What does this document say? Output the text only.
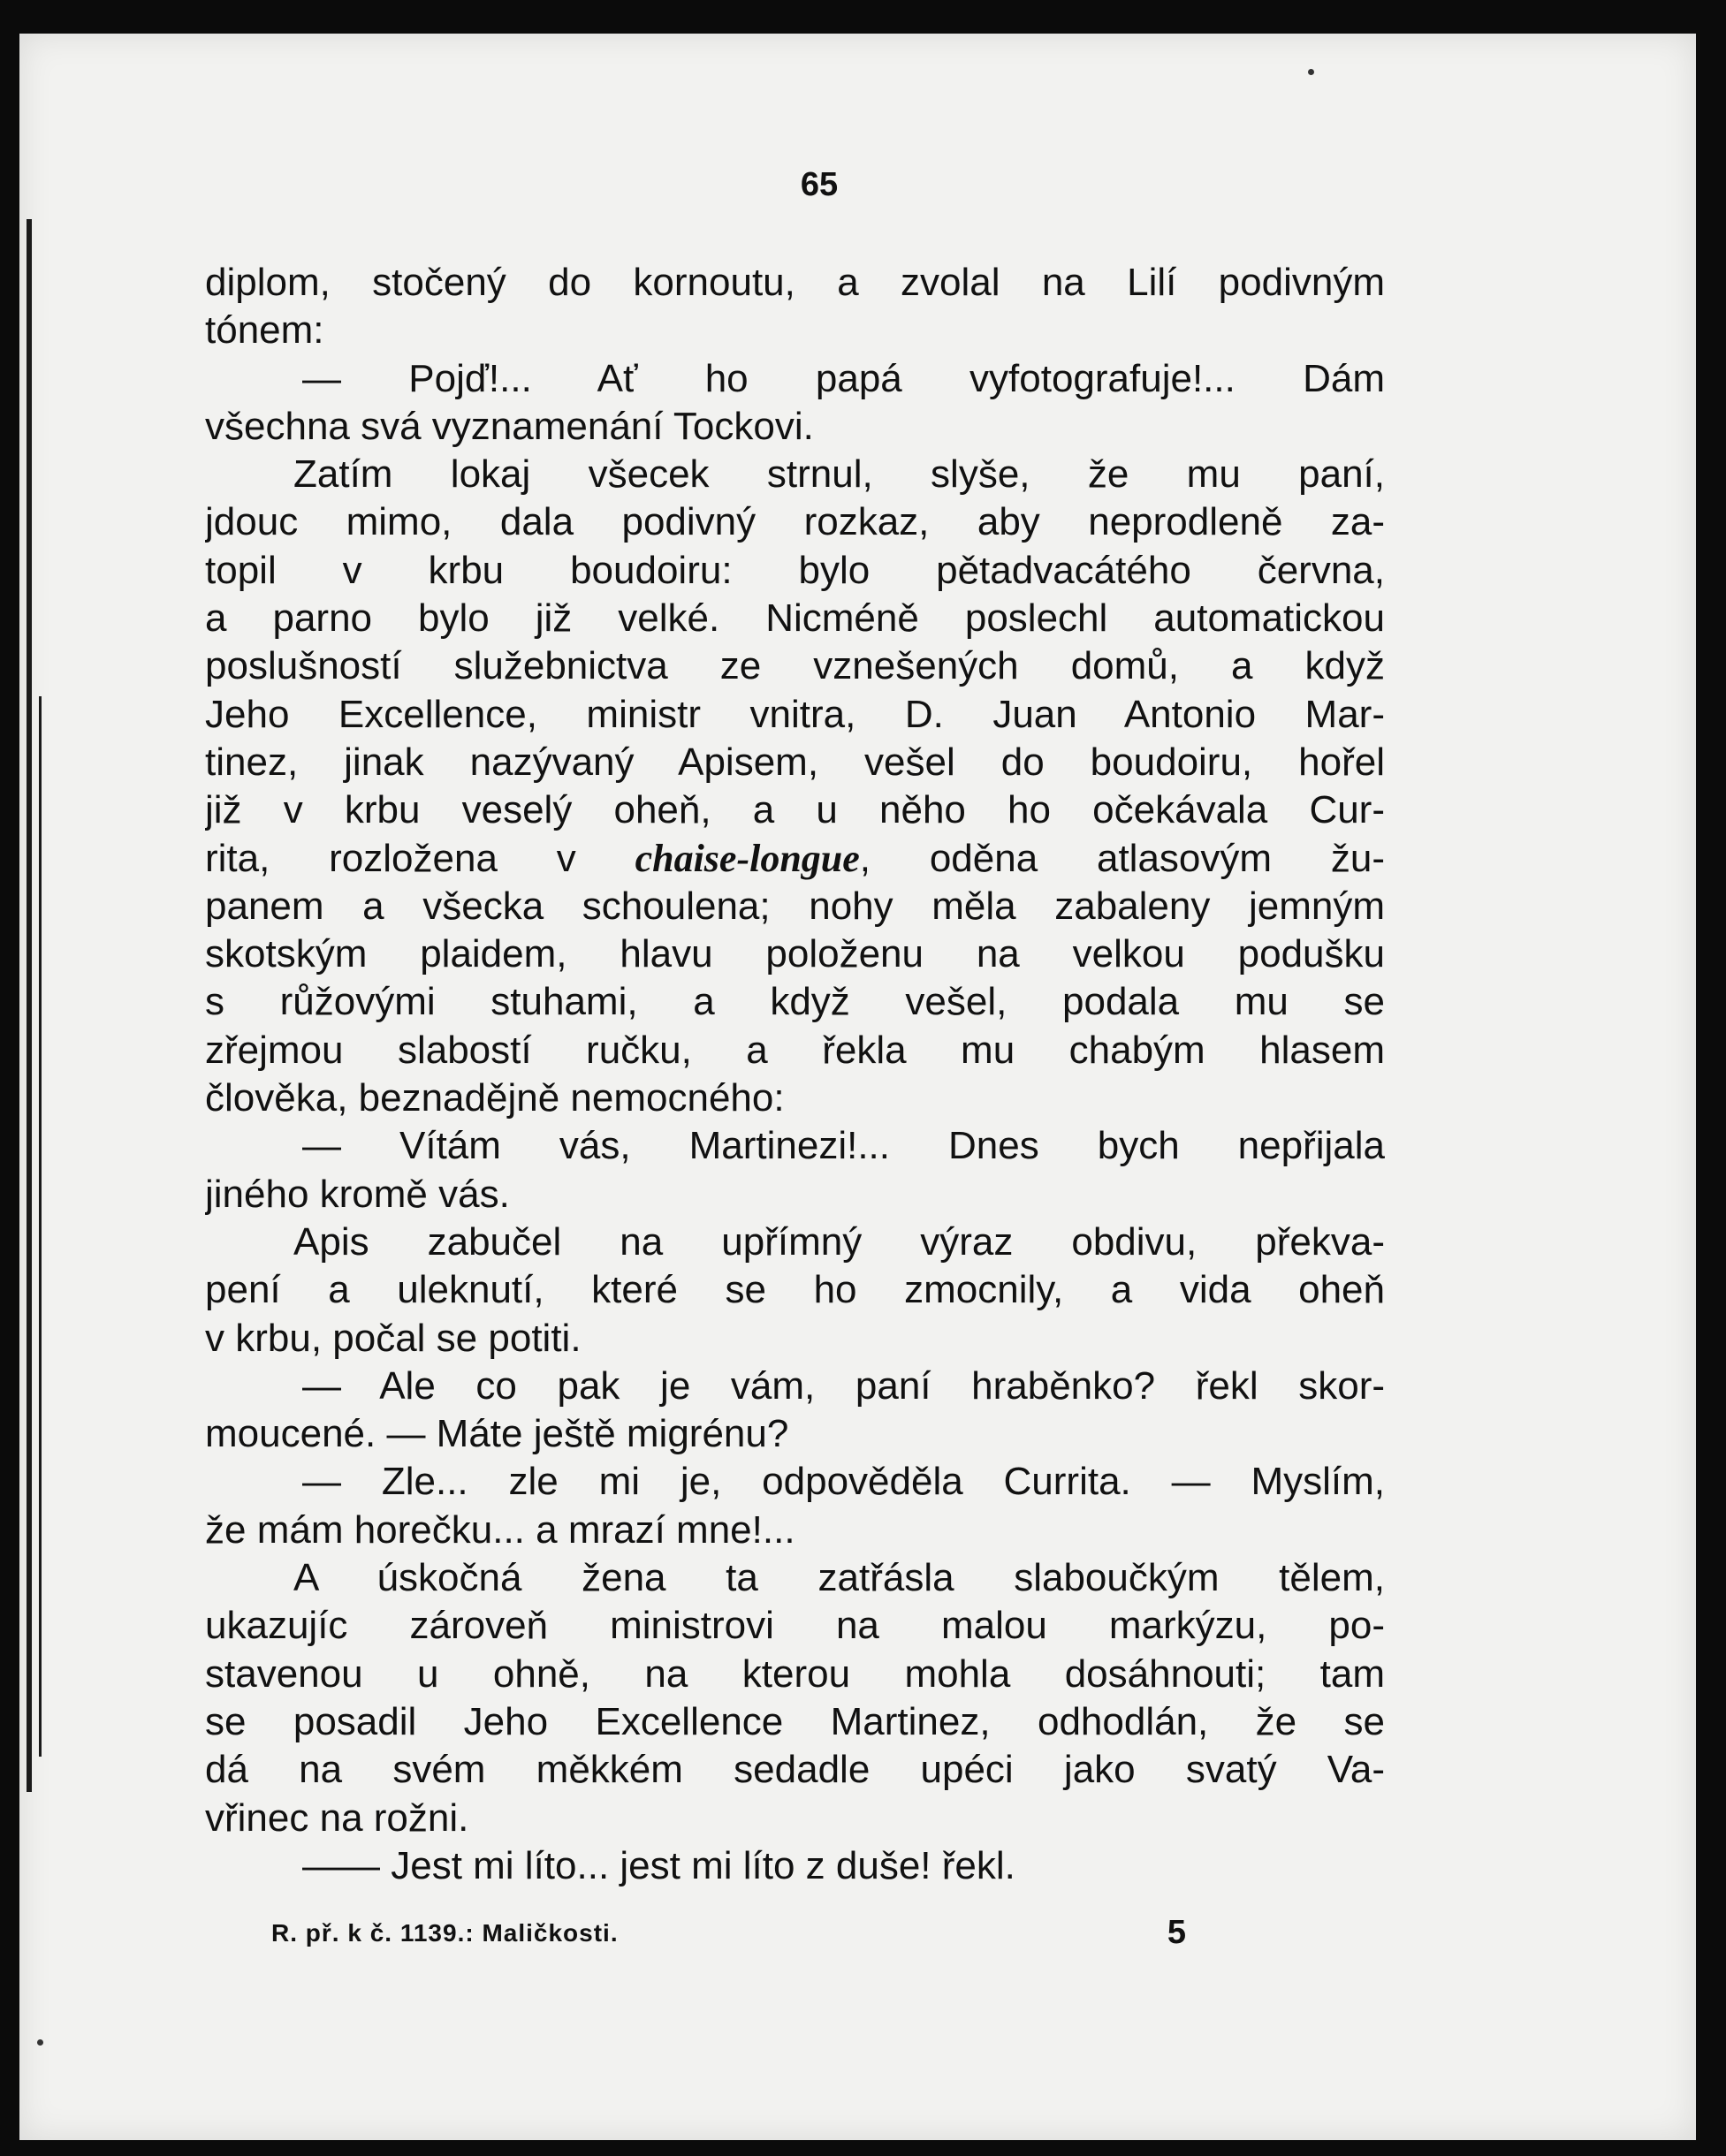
65
diplom, stočený do kornoutu, a zvolal na Lilí podivným
tónem:
— Pojď!... Ať ho papá vyfotografuje!... Dám
všechna svá vyznamenání Tockovi.
Zatím lokaj všecek strnul, slyše, že mu paní,
jdouc mimo, dala podivný rozkaz, aby neprodleně za-
topil v krbu boudoiru: bylo pětadvacátého června,
a parno bylo již velké. Nicméně poslechl automatickou
poslušností služebnictva ze vznešených domů, a když
Jeho Excellence, ministr vnitra, D. Juan Antonio Mar-
tinez, jinak nazývaný Apisem, vešel do boudoiru, hořel
již v krbu veselý oheň, a u něho ho očekávala Cur-
rita, rozložena v chaise-longue, oděna atlasovým žu-
panem a všecka schoulena; nohy měla zabaleny jemným
skotským plaidem, hlavu položenu na velkou podušku
s růžovými stuhami, a když vešel, podala mu se
zřejmou slabostí ručku, a řekla mu chabým hlasem
člověka, beznadějně nemocného:
— Vítám vás, Martinezi!... Dnes bych nepřijala
jiného kromě vás.
Apis zabučel na upřímný výraz obdivu, překva-
pení a uleknutí, které se ho zmocnily, a vida oheň
v krbu, počal se potiti.
— Ale co pak je vám, paní hraběnko? řekl skor-
moucené. — Máte ještě migrénu?
— Zle... zle mi je, odpověděla Currita. — Myslím,
že mám horečku... a mrazí mne!...
A úskočná žena ta zatřásla slaboučkým tělem,
ukazujíc zároveň ministrovi na malou markýzu, po-
stavenou u ohně, na kterou mohla dosáhnouti; tam
se posadil Jeho Excellence Martinez, odhodlán, že se
dá na svém měkkém sedadle upéci jako svatý Va-
vřinec na rožni.
—— Jest mi líto... jest mi líto z duše! řekl.
R. př. k č. 1139.: Maličkosti.	5
